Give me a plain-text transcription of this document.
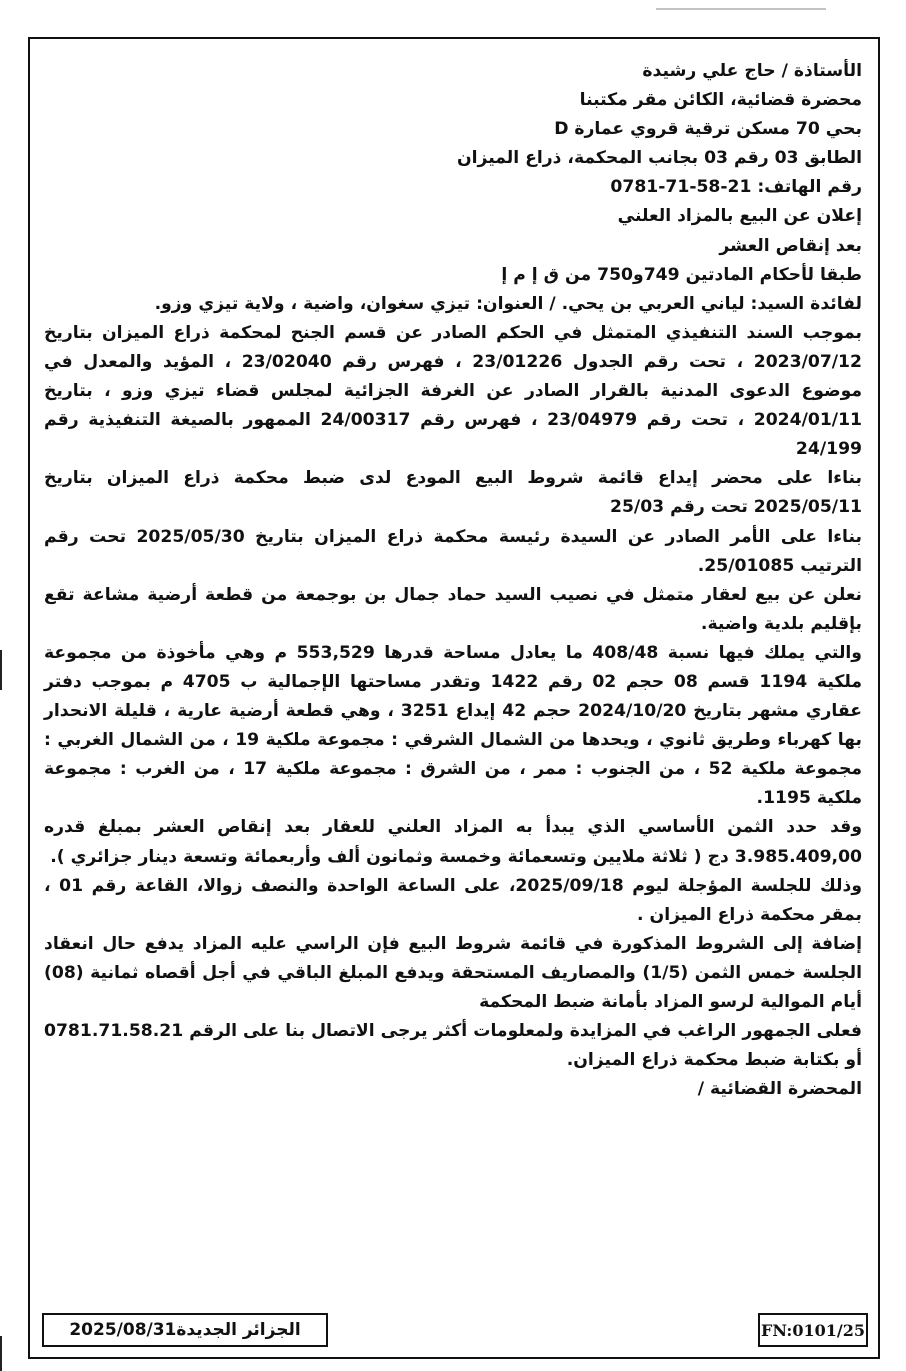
الأستاذة / حاج علي رشيدة
محضرة قضائية، الكائن مقر مكتبنا
بحي 70 مسكن ترقية قروي عمارة D
الطابق 03 رقم 03 بجانب المحكمة، ذراع الميزان
رقم الهاتف: 21-58-71-0781
إعلان عن البيع بالمزاد العلني
بعد إنقاص العشر
طبقا لأحكام المادتين 749و750 من ق إ م إ

لفائدة السيد: لياني العربي بن يحي. / العنوان: تيزي سغوان، واضية ، ولاية تيزي وزو.

بموجب السند التنفيذي المتمثل في الحكم الصادر عن قسم الجنح لمحكمة ذراع الميزان بتاريخ 2023/07/12 ، تحت رقم الجدول 23/01226 ، فهرس رقم 23/02040 ، المؤيد والمعدل في موضوع الدعوى المدنية بالقرار الصادر عن الغرفة الجزائية لمجلس قضاء تيزي وزو ، بتاريخ 2024/01/11 ، تحت رقم 23/04979 ، فهرس رقم 24/00317 الممهور بالصيغة التنفيذية رقم 24/199

بناءا على محضر إيداع قائمة شروط البيع المودع لدى ضبط محكمة ذراع الميزان بتاريخ 2025/05/11 تحت رقم 25/03

بناءا على الأمر الصادر عن السيدة رئيسة محكمة ذراع الميزان بتاريخ 2025/05/30 تحت رقم الترتيب 25/01085.

نعلن عن بيع لعقار متمثل في نصيب السيد حماد جمال بن بوجمعة من قطعة أرضية مشاعة تقع بإقليم بلدية واضية.

والتي يملك فيها نسبة 408/48 ما يعادل مساحة قدرها 553,529 م وهي مأخوذة من مجموعة ملكية 1194 قسم 08 حجم 02 رقم 1422 وتقدر مساحتها الإجمالية ب 4705 م بموجب دفتر عقاري مشهر بتاريخ 2024/10/20 حجم 42 إيداع 3251 ، وهي قطعة أرضية عارية ، قليلة الانحدار بها كهرباء وطريق ثانوي ، ويحدها من الشمال الشرقي : مجموعة ملكية 19 ، من الشمال الغربي : مجموعة ملكية 52 ، من الجنوب : ممر ، من الشرق : مجموعة ملكية 17 ، من الغرب : مجموعة ملكية 1195.

وقد حدد الثمن الأساسي الذي يبدأ به المزاد العلني للعقار بعد إنقاص العشر بمبلغ قدره 3.985.409,00 دج ( ثلاثة ملايين وتسعمائة وخمسة وثمانون ألف وأربعمائة وتسعة دينار جزائري ).

وذلك للجلسة المؤجلة ليوم 2025/09/18، على الساعة الواحدة والنصف زوالا، القاعة رقم 01 ، بمقر محكمة ذراع الميزان .

إضافة إلى الشروط المذكورة في قائمة شروط البيع فإن الراسي عليه المزاد يدفع حال انعقاد الجلسة خمس الثمن (1/5) والمصاريف المستحقة ويدفع المبلغ الباقي في أجل أقصاه ثمانية (08) أيام الموالية لرسو المزاد بأمانة ضبط المحكمة

فعلى الجمهور الراغب في المزايدة ولمعلومات أكثر يرجى الاتصال بنا على الرقم 0781.71.58.21 أو بكتابة ضبط محكمة ذراع الميزان.

المحضرة القضائية /

الجزائر الجديدة2025/08/31	FN:0101/25
